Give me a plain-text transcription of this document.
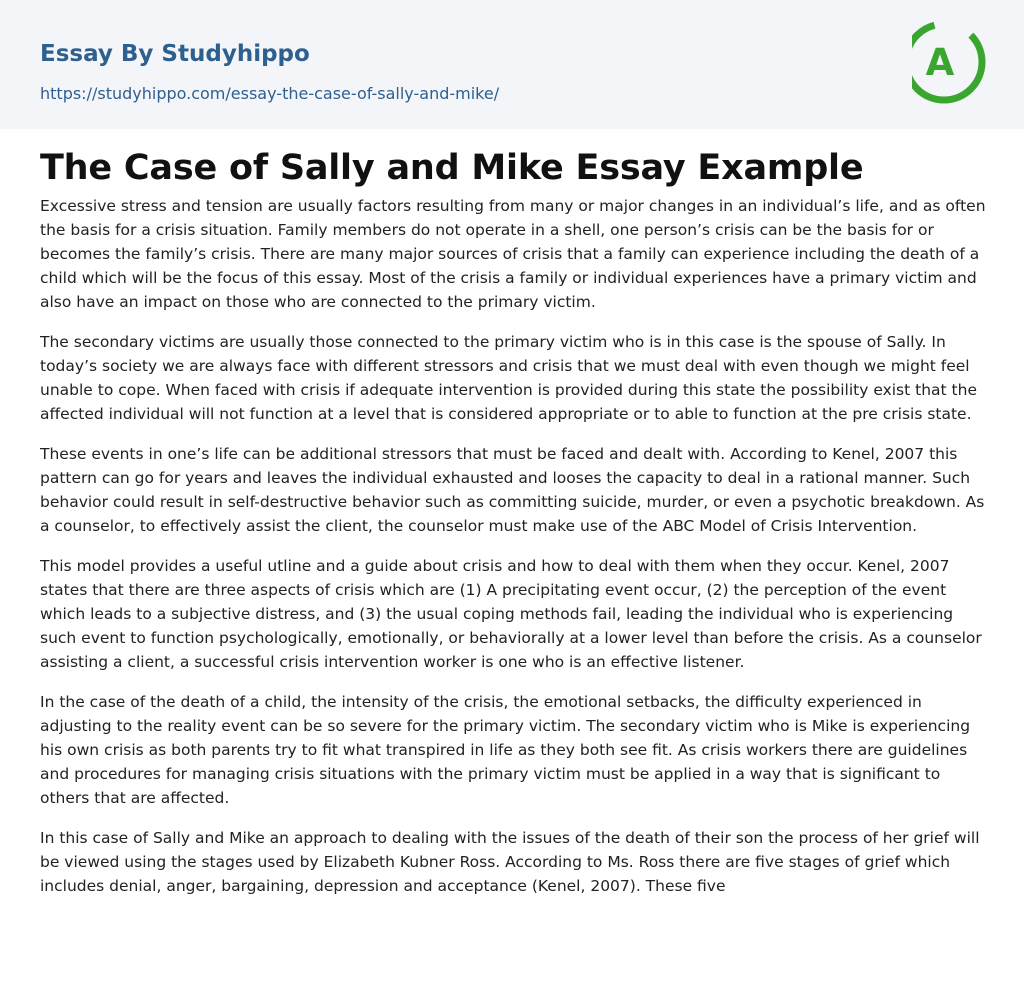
Essay By Studyhippo
https://studyhippo.com/essay-the-case-of-sally-and-mike/
A
The Case of Sally and Mike Essay Example

Excessive stress and tension are usually factors resulting from many or major changes in an individual’s life, and as often the basis for a crisis situation. Family members do not operate in a shell, one person’s crisis can be the basis for or becomes the family’s crisis. There are many major sources of crisis that a family can experience including the death of a child which will be the focus of this essay. Most of the crisis a family or individual experiences have a primary victim and also have an impact on those who are connected to the primary victim.

The secondary victims are usually those connected to the primary victim who is in this case is the spouse of Sally. In today’s society we are always face with different stressors and crisis that we must deal with even though we might feel unable to cope. When faced with crisis if adequate intervention is provided during this state the possibility exist that the affected individual will not function at a level that is considered appropriate or to able to function at the pre crisis state.

These events in one’s life can be additional stressors that must be faced and dealt with. According to Kenel, 2007 this pattern can go for years and leaves the individual exhausted and looses the capacity to deal in a rational manner. Such behavior could result in self-destructive behavior such as committing suicide, murder, or even a psychotic breakdown. As a counselor, to effectively assist the client, the counselor must make use of the ABC Model of Crisis Intervention.

This model provides a useful utline and a guide about crisis and how to deal with them when they occur. Kenel, 2007 states that there are three aspects of crisis which are (1) A precipitating event occur, (2) the perception of the event which leads to a subjective distress, and (3) the usual coping methods fail, leading the individual who is experiencing such event to function psychologically, emotionally, or behaviorally at a lower level than before the crisis. As a counselor assisting a client, a successful crisis intervention worker is one who is an effective listener.

In the case of the death of a child, the intensity of the crisis, the emotional setbacks, the difficulty experienced in adjusting to the reality event can be so severe for the primary victim. The secondary victim who is Mike is experiencing his own crisis as both parents try to fit what transpired in life as they both see fit. As crisis workers there are guidelines and procedures for managing crisis situations with the primary victim must be applied in a way that is significant to others that are affected.

In this case of Sally and Mike an approach to dealing with the issues of the death of their son the process of her grief will be viewed using the stages used by Elizabeth Kubner Ross. According to Ms. Ross there are five stages of grief which includes denial, anger, bargaining, depression and acceptance (Kenel, 2007). These five
